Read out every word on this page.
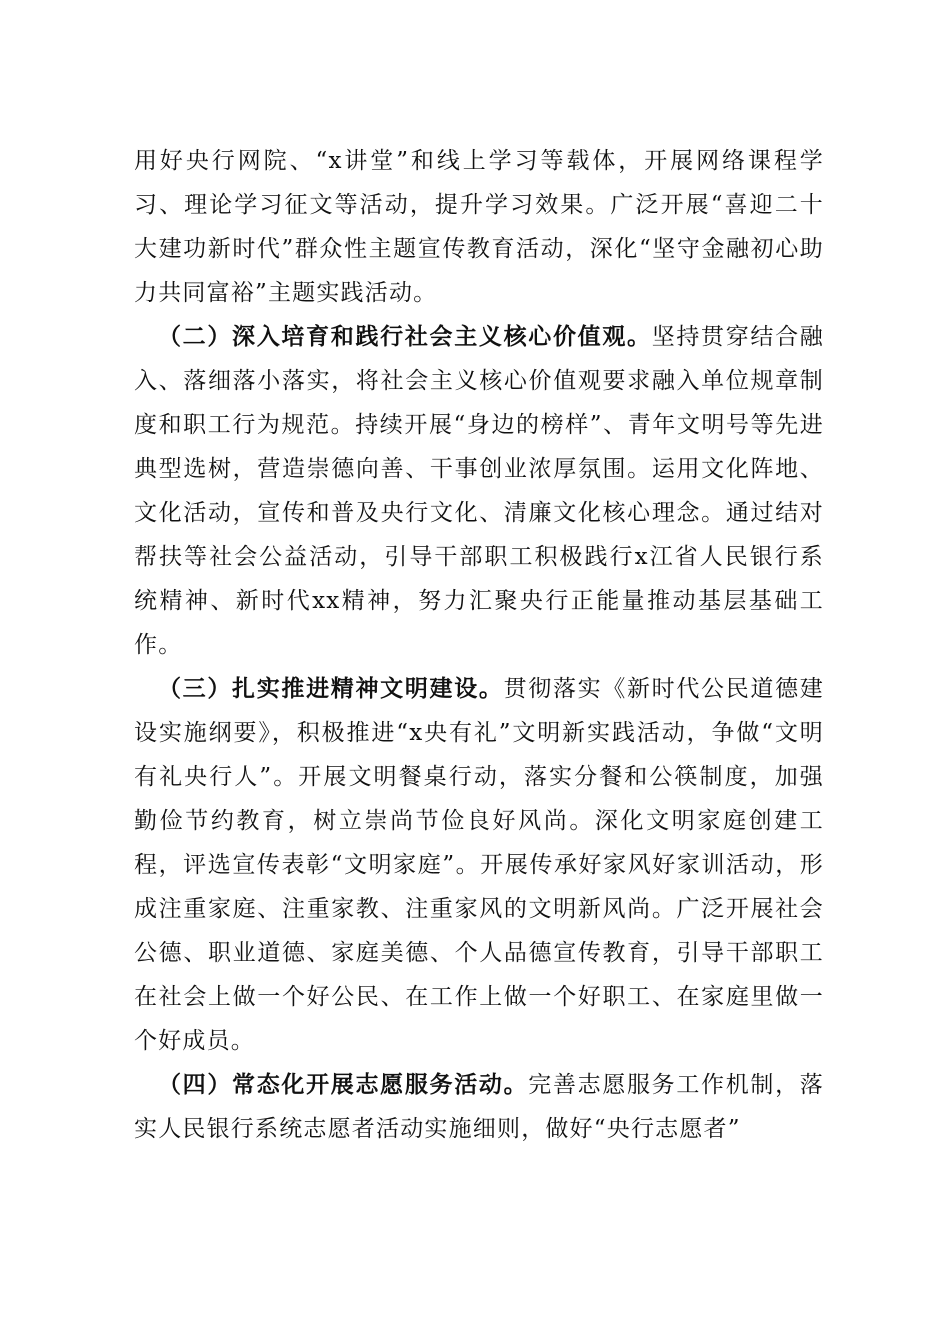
用好央行网院、“x讲堂”和线上学习等载体，开展网络课程学习、理论学习征文等活动，提升学习效果。广泛开展“喜迎二十大建功新时代”群众性主题宣传教育活动，深化“坚守金融初心助力共同富裕”主题实践活动。

（二）深入培育和践行社会主义核心价值观。坚持贯穿结合融入、落细落小落实，将社会主义核心价值观要求融入单位规章制度和职工行为规范。持续开展“身边的榜样”、青年文明号等先进典型选树，营造崇德向善、干事创业浓厚氛围。运用文化阵地、文化活动，宣传和普及央行文化、清廉文化核心理念。通过结对帮扶等社会公益活动，引导干部职工积极践行x江省人民银行系统精神、新时代xx精神，努力汇聚央行正能量推动基层基础工作。

（三）扎实推进精神文明建设。贯彻落实《新时代公民道德建设实施纲要》，积极推进“x央有礼”文明新实践活动，争做“文明有礼央行人”。开展文明餐桌行动，落实分餐和公筷制度，加强勤俭节约教育，树立崇尚节俭良好风尚。深化文明家庭创建工程，评选宣传表彰“文明家庭”。开展传承好家风好家训活动，形成注重家庭、注重家教、注重家风的文明新风尚。广泛开展社会公德、职业道德、家庭美德、个人品德宣传教育，引导干部职工在社会上做一个好公民、在工作上做一个好职工、在家庭里做一个好成员。

（四）常态化开展志愿服务活动。完善志愿服务工作机制，落实人民银行系统志愿者活动实施细则，做好“央行志愿者”
